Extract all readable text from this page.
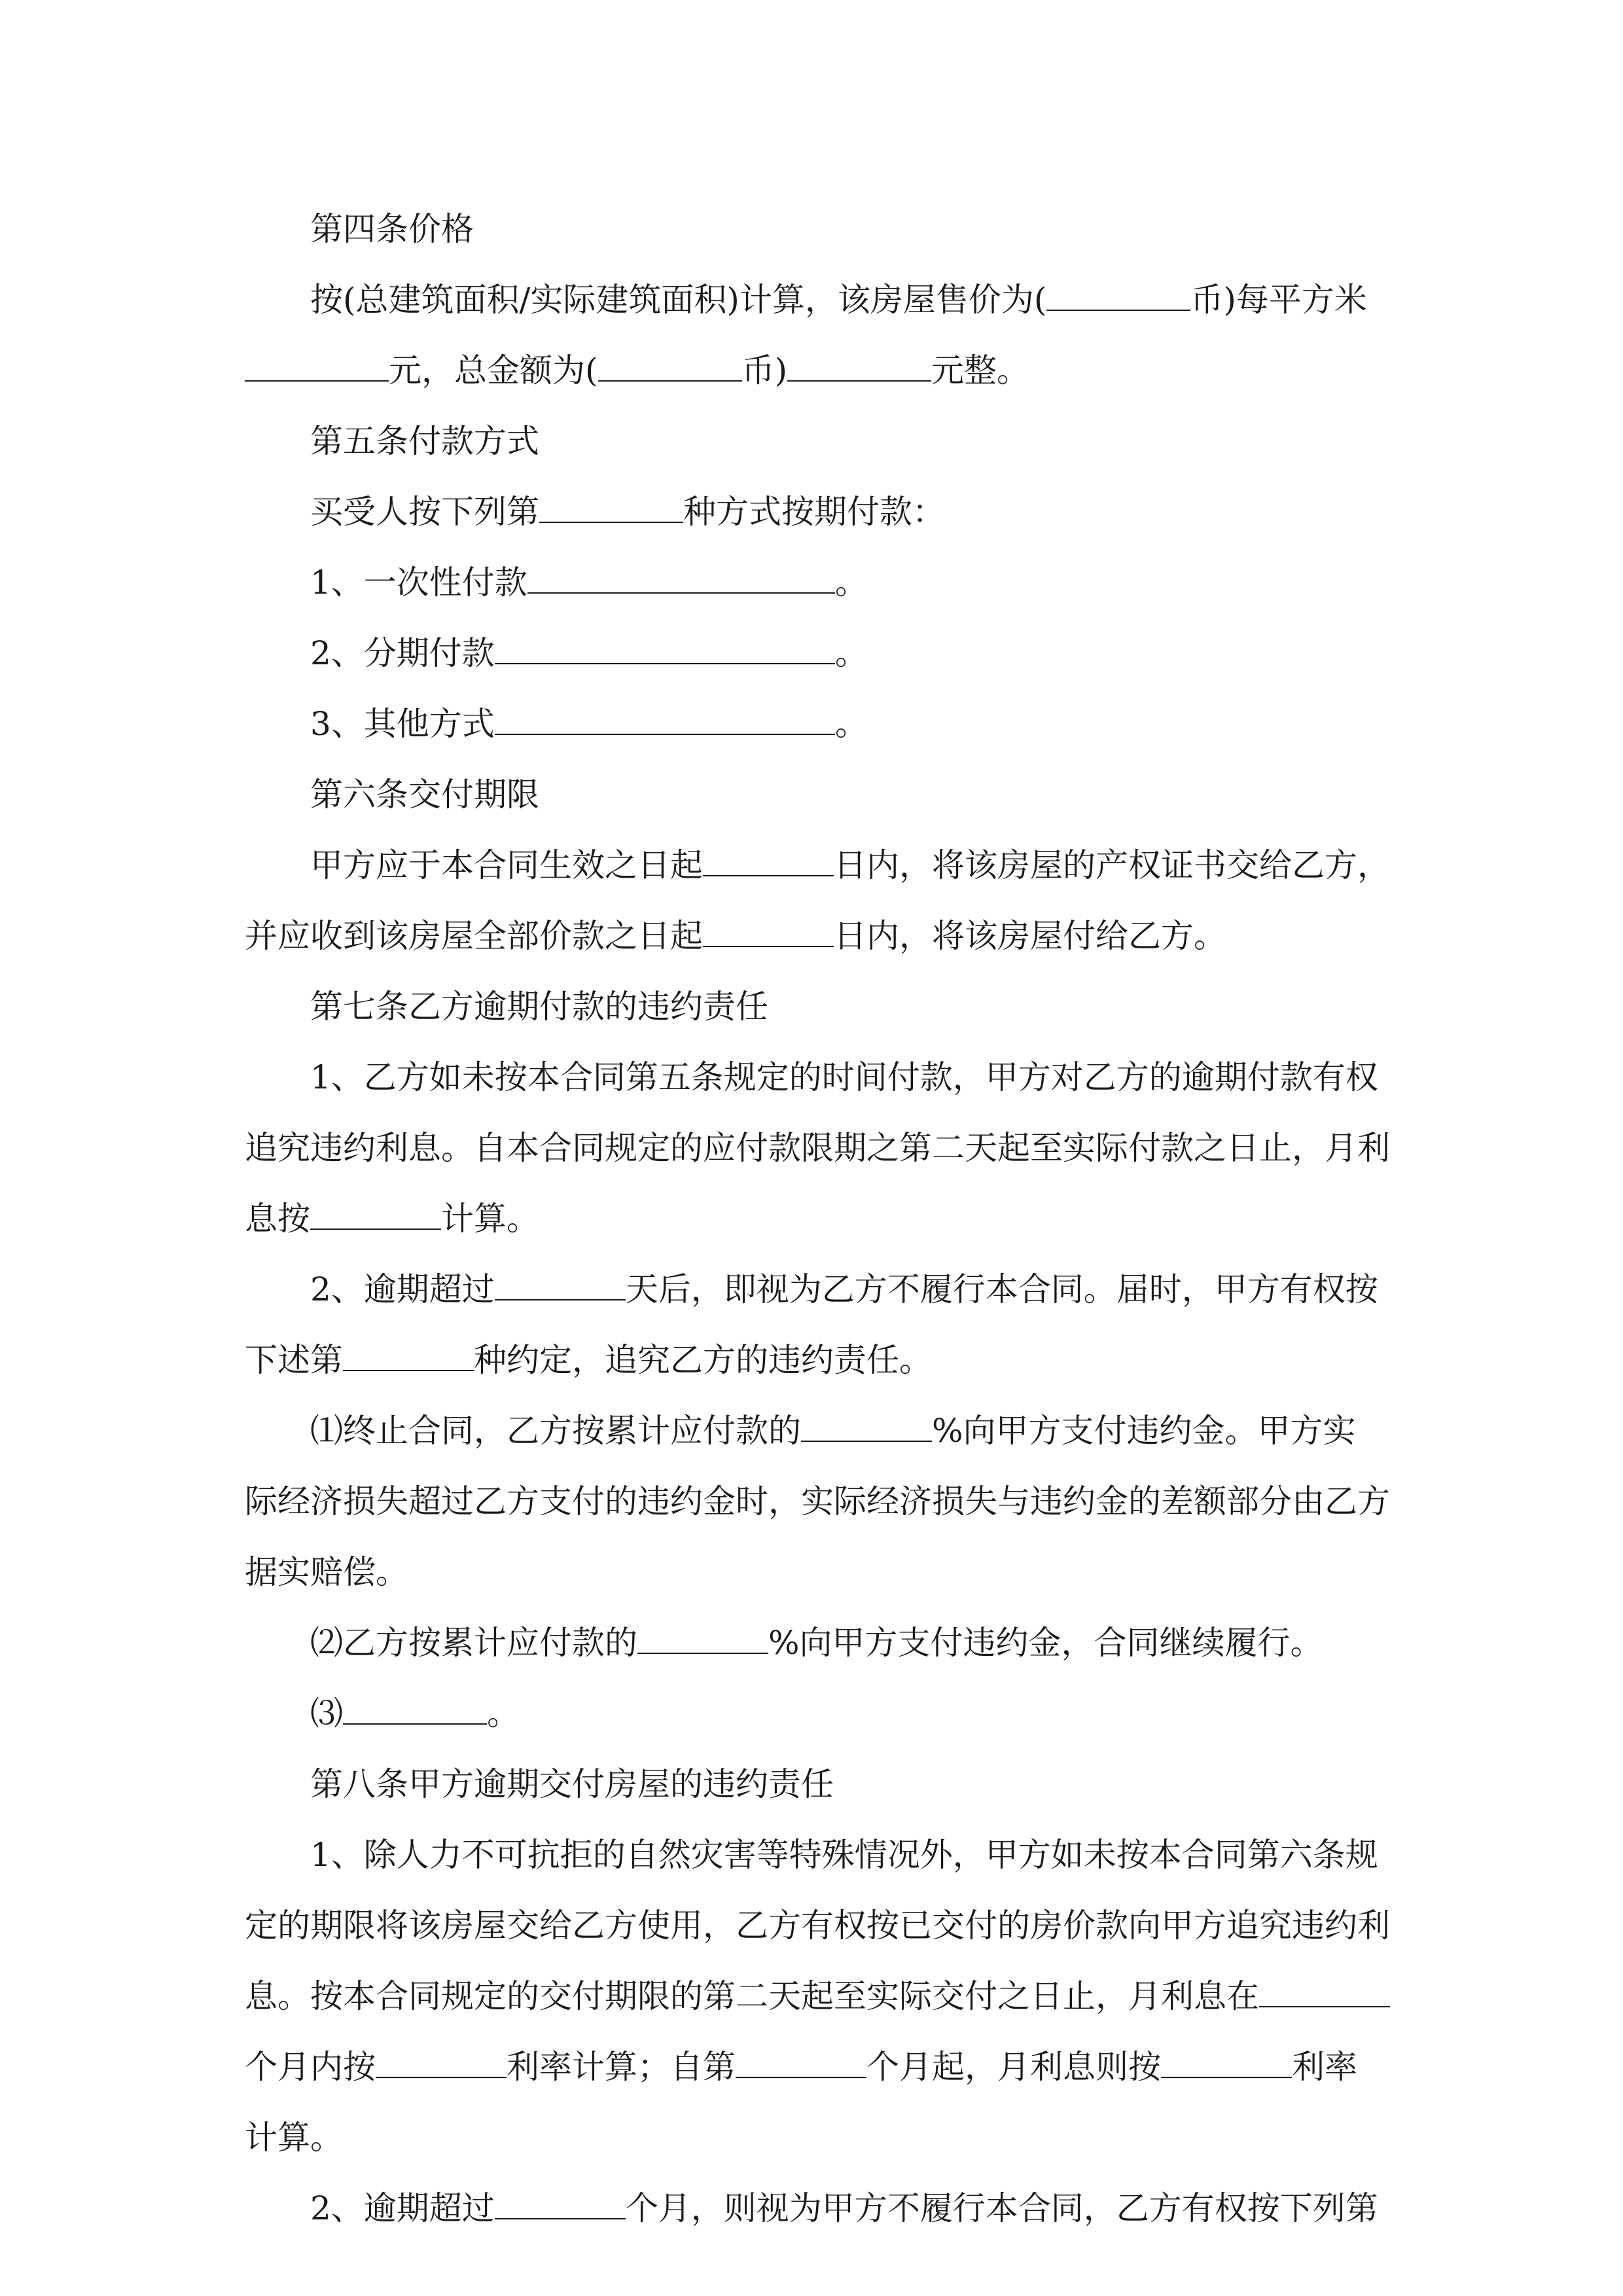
第四条价格
按(总建筑面积/实际建筑面积)计算，该房屋售价为(	币)每平方米
元，总金额为(	币)	元整。
第五条付款方式
买受人按下列第	种方式按期付款：
1、一次性付款	。
2、分期付款	。
3、其他方式	。
第六条交付期限
甲方应于本合同生效之日起	日内，将该房屋的产权证书交给乙方，
并应收到该房屋全部价款之日起	日内，将该房屋付给乙方。
第七条乙方逾期付款的违约责任
1、乙方如未按本合同第五条规定的时间付款，甲方对乙方的逾期付款有权
追究违约利息。自本合同规定的应付款限期之第二天起至实际付款之日止，月利
息按	计算。
2、逾期超过	天后，即视为乙方不履行本合同。届时，甲方有权按
下述第	种约定，追究乙方的违约责任。
⑴终止合同，乙方按累计应付款的	%向甲方支付违约金。甲方实
际经济损失超过乙方支付的违约金时，实际经济损失与违约金的差额部分由乙方
据实赔偿。
⑵乙方按累计应付款的	%向甲方支付违约金，合同继续履行。
⑶	。
第八条甲方逾期交付房屋的违约责任
1、除人力不可抗拒的自然灾害等特殊情况外，甲方如未按本合同第六条规
定的期限将该房屋交给乙方使用，乙方有权按已交付的房价款向甲方追究违约利
息。按本合同规定的交付期限的第二天起至实际交付之日止，月利息在
个月内按	利率计算；自第	个月起，月利息则按	利率
计算。
2、逾期超过	个月，则视为甲方不履行本合同，乙方有权按下列第
